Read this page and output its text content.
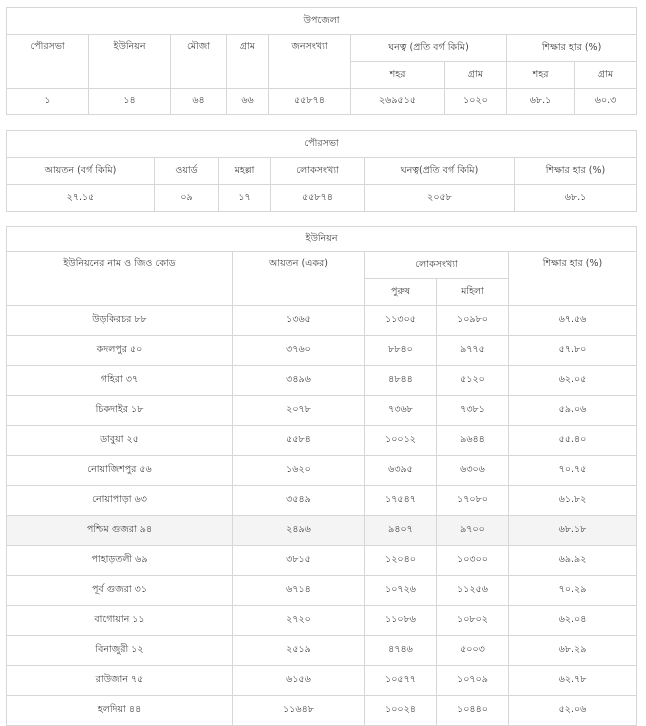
উপজেলা								
পৌরসভা	ইউনিয়ন	মৌজা	গ্রাম	জনসংখ্যা	ঘনত্ব (প্রতি বর্গ কিমি)		শিক্ষার হার (%)	
					শহর	গ্রাম	শহর	গ্রাম
১	১৪	৬৪	৬৬	৫৫৮৭৪	২৬৯৫১৫	১০২০	৬৮.১	৬০.৩
পৌরসভা					
আয়তন (বর্গ কিমি)	ওয়ার্ড	মহল্লা	লোকসংখ্যা	ঘনত্ব(প্রতি বর্গ কিমি)	শিক্ষার হার (%)
২৭.১৫	০৯	১৭	৫৫৮৭৪	২০৫৮	৬৮.১
ইউনিয়ন				
ইউনিয়নের নাম ও জিও কোড	আয়তন (একর)	লোকসংখ্যা		শিক্ষার হার (%)
		পুরুষ	মহিলা	
উড়কিরচর ৮৮	১৩৬৫	১১৩০৫	১০৯৮০	৬৭.৫৬
কদলপুর ৫০	৩৭৬০	৮৮৪০	৯৭৭৫	৫৭.৮০
গহিরা ৩৭	৩৪৯৬	৪৮৪৪	৫১২০	৬২.০৫
চিকদাইর ১৮	২০৭৮	৭৩৬৮	৭৩৮১	৫৯.০৬
ডাবুয়া ২৫	৫৫৮৪	১০০১২	৯৬৪৪	৫৫.৪০
নোয়াজিশপুর ৫৬	১৬২০	৬৩৯৫	৬৩০৬	৭০.৭৫
নোয়াপাড়া ৬৩	৩৫৪৯	১৭৫৪৭	১৭০৮০	৬১.৮২
পশ্চিম গুজরা ৯৪	২৪৯৬	৯৪০৭	৯৭০০	৬৮.১৮
পাহাড়তলী ৬৯	৩৮১৫	১২০৪০	১০৩০০	৬৯.৯২
পূর্ব গুজরা ৩১	৬৭১৪	১০৭২৬	১১২৫৬	৭০.২৯
বাগোয়ান ১১	২৭২০	১১০৮৬	১০৮০২	৬২.০৪
বিনাজুরী ১২	২৫১৯	৪৭৪৬	৫০০৩	৬৮.২৯
রাউজান ৭৫	৬১৫৬	১০৫৭৭	১০৭০৯	৬২.৭৮
হলদিয়া ৪৪	১১৬৪৮	১০০২৪	১০৪৪০	৫২.০৬
